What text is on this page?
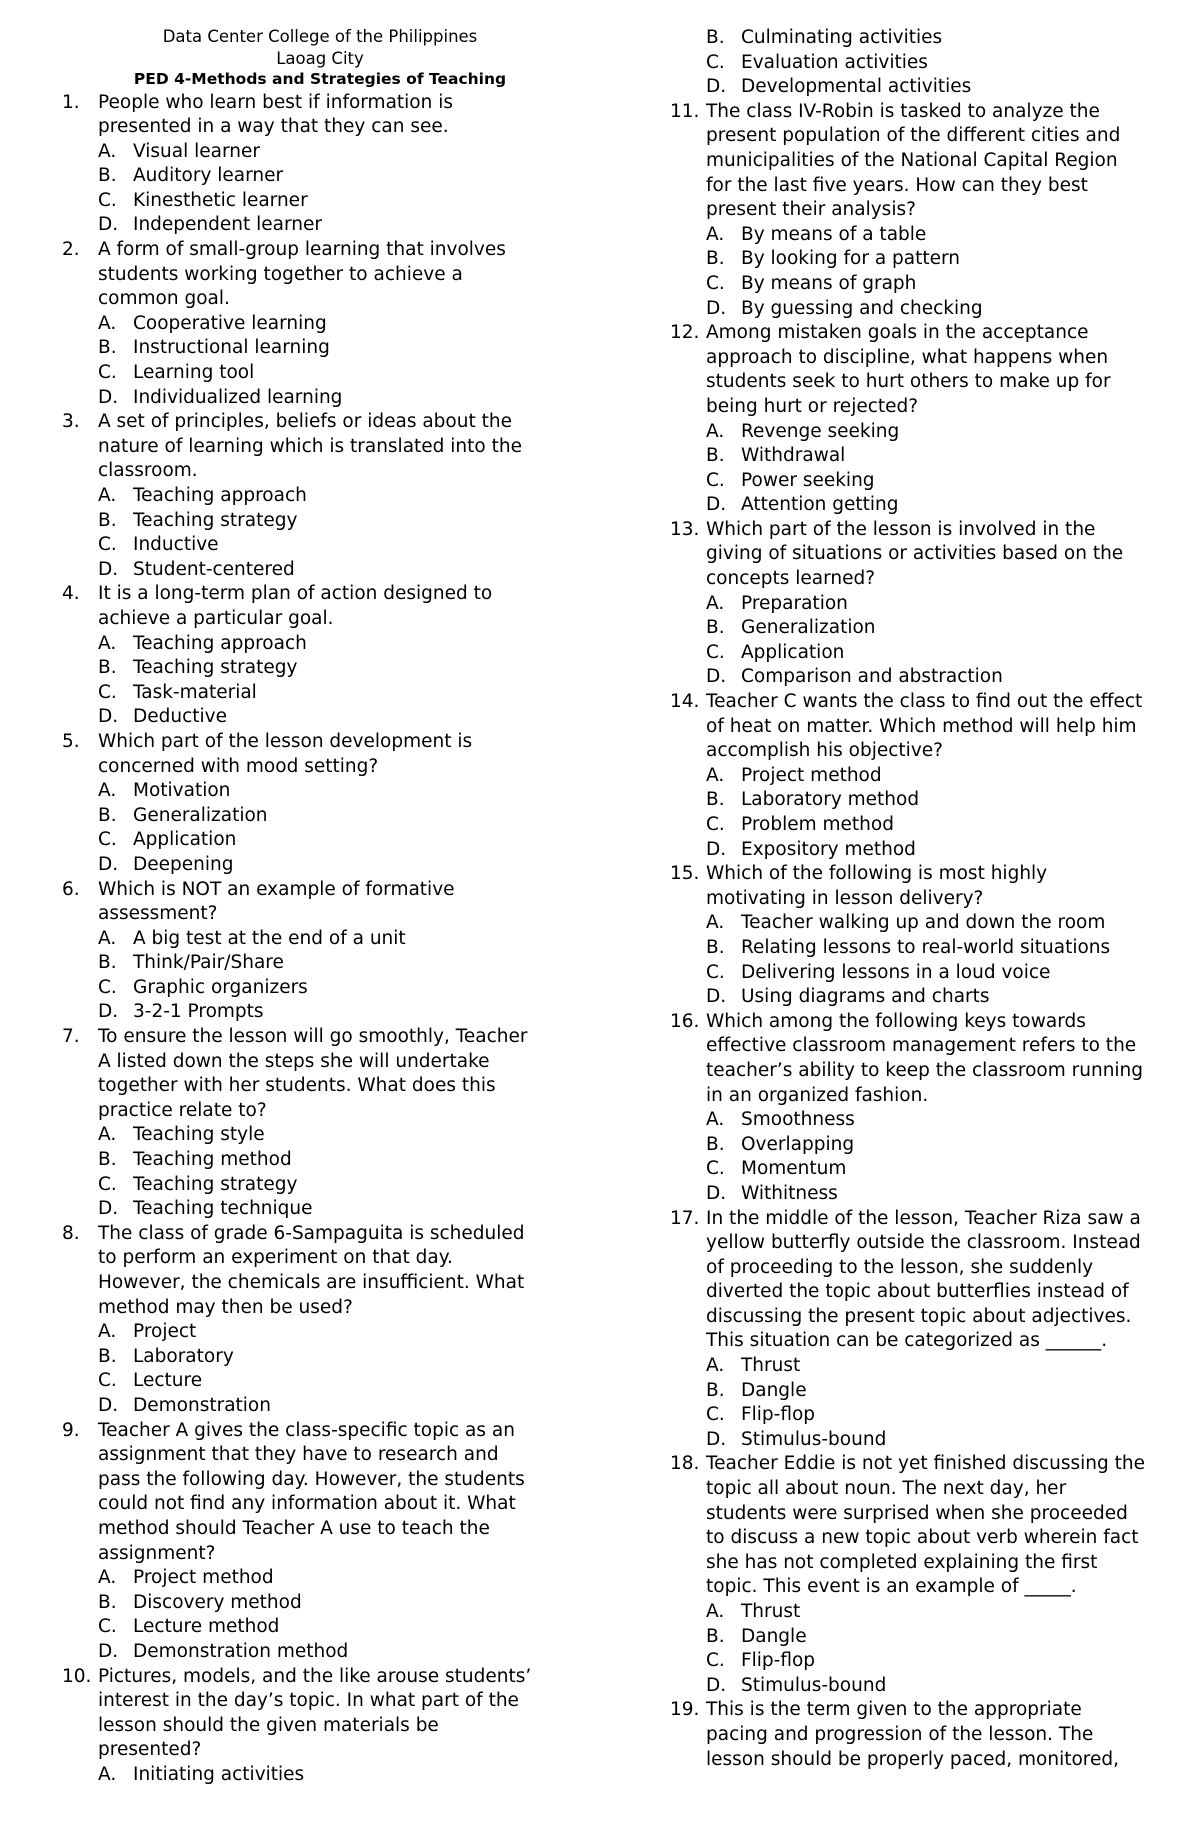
Data Center College of the Philippines
Laoag City
PED 4-Methods and Strategies of Teaching
1. People who learn best if information is
presented in a way that they can see.
A. Visual learner
B. Auditory learner
C. Kinesthetic learner
D. Independent learner
2. A form of small-group learning that involves
students working together to achieve a
common goal.
A. Cooperative learning
B. Instructional learning
C. Learning tool
D. Individualized learning
3. A set of principles, beliefs or ideas about the
nature of learning which is translated into the
classroom.
A. Teaching approach
B. Teaching strategy
C. Inductive
D. Student-centered
4. It is a long-term plan of action designed to
achieve a particular goal.
A. Teaching approach
B. Teaching strategy
C. Task-material
D. Deductive
5. Which part of the lesson development is
concerned with mood setting?
A. Motivation
B. Generalization
C. Application
D. Deepening
6. Which is NOT an example of formative
assessment?
A. A big test at the end of a unit
B. Think/Pair/Share
C. Graphic organizers
D. 3-2-1 Prompts
7. To ensure the lesson will go smoothly, Teacher
A listed down the steps she will undertake
together with her students. What does this
practice relate to?
A. Teaching style
B. Teaching method
C. Teaching strategy
D. Teaching technique
8. The class of grade 6-Sampaguita is scheduled
to perform an experiment on that day.
However, the chemicals are insufficient. What
method may then be used?
A. Project
B. Laboratory
C. Lecture
D. Demonstration
9. Teacher A gives the class-specific topic as an
assignment that they have to research and
pass the following day. However, the students
could not find any information about it. What
method should Teacher A use to teach the
assignment?
A. Project method
B. Discovery method
C. Lecture method
D. Demonstration method
10. Pictures, models, and the like arouse students’
interest in the day’s topic. In what part of the
lesson should the given materials be
presented?
A. Initiating activities
B. Culminating activities
C. Evaluation activities
D. Developmental activities
11. The class IV-Robin is tasked to analyze the
present population of the different cities and
municipalities of the National Capital Region
for the last five years. How can they best
present their analysis?
A. By means of a table
B. By looking for a pattern
C. By means of graph
D. By guessing and checking
12. Among mistaken goals in the acceptance
approach to discipline, what happens when
students seek to hurt others to make up for
being hurt or rejected?
A. Revenge seeking
B. Withdrawal
C. Power seeking
D. Attention getting
13. Which part of the lesson is involved in the
giving of situations or activities based on the
concepts learned?
A. Preparation
B. Generalization
C. Application
D. Comparison and abstraction
14. Teacher C wants the class to find out the effect
of heat on matter. Which method will help him
accomplish his objective?
A. Project method
B. Laboratory method
C. Problem method
D. Expository method
15. Which of the following is most highly
motivating in lesson delivery?
A. Teacher walking up and down the room
B. Relating lessons to real-world situations
C. Delivering lessons in a loud voice
D. Using diagrams and charts
16. Which among the following keys towards
effective classroom management refers to the
teacher’s ability to keep the classroom running
in an organized fashion.
A. Smoothness
B. Overlapping
C. Momentum
D. Withitness
17. In the middle of the lesson, Teacher Riza saw a
yellow butterfly outside the classroom. Instead
of proceeding to the lesson, she suddenly
diverted the topic about butterflies instead of
discussing the present topic about adjectives.
This situation can be categorized as ______.
A. Thrust
B. Dangle
C. Flip-flop
D. Stimulus-bound
18. Teacher Eddie is not yet finished discussing the
topic all about noun. The next day, her
students were surprised when she proceeded
to discuss a new topic about verb wherein fact
she has not completed explaining the first
topic. This event is an example of _____.
A. Thrust
B. Dangle
C. Flip-flop
D. Stimulus-bound
19. This is the term given to the appropriate
pacing and progression of the lesson. The
lesson should be properly paced, monitored,
